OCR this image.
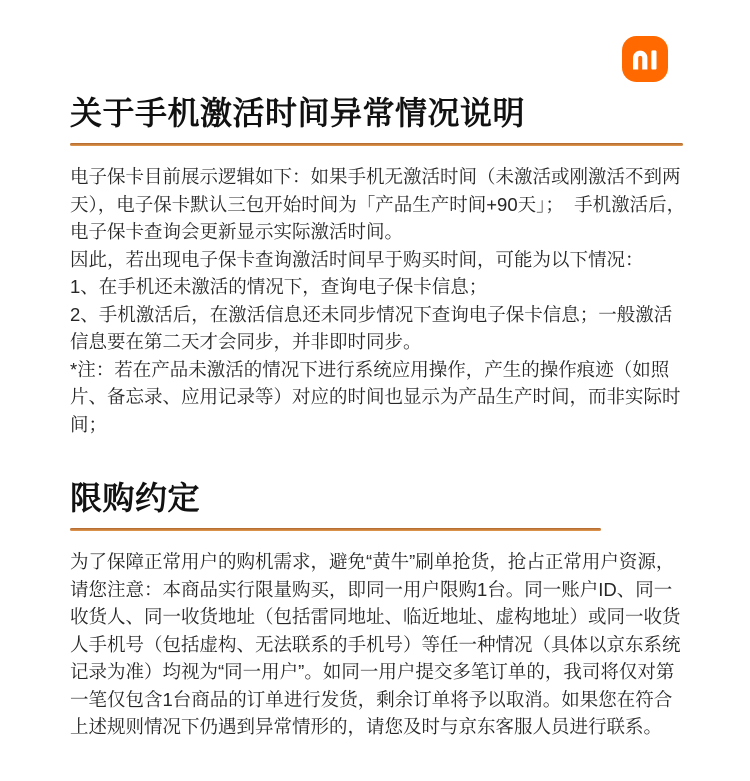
关于手机激活时间异常情况说明

电子保卡目前展示逻辑如下：如果手机无激活时间（未激活或刚激活不到两天），电子保卡默认三包开始时间为「产品生产时间+90天」；  手机激活后，电子保卡查询会更新显示实际激活时间。

因此，若出现电子保卡查询激活时间早于购买时间，可能为以下情况：

1、在手机还未激活的情况下，查询电子保卡信息；

2、手机激活后，在激活信息还未同步情况下查询电子保卡信息；一般激活信息要在第二天才会同步，并非即时同步。

*注：若在产品未激活的情况下进行系统应用操作，产生的操作痕迹（如照片、备忘录、应用记录等）对应的时间也显示为产品生产时间，而非实际时间；

限购约定

为了保障正常用户的购机需求，避免“黄牛”刷单抢货，抢占正常用户资源，请您注意：本商品实行限量购买，即同一用户限购1台。同一账户ID、同一收货人、同一收货地址（包括雷同地址、临近地址、虚构地址）或同一收货人手机号（包括虚构、无法联系的手机号）等任一种情况（具体以京东系统记录为准）均视为“同一用户”。如同一用户提交多笔订单的，我司将仅对第一笔仅包含1台商品的订单进行发货，剩余订单将予以取消。如果您在符合上述规则情况下仍遇到异常情形的，请您及时与京东客服人员进行联系。
